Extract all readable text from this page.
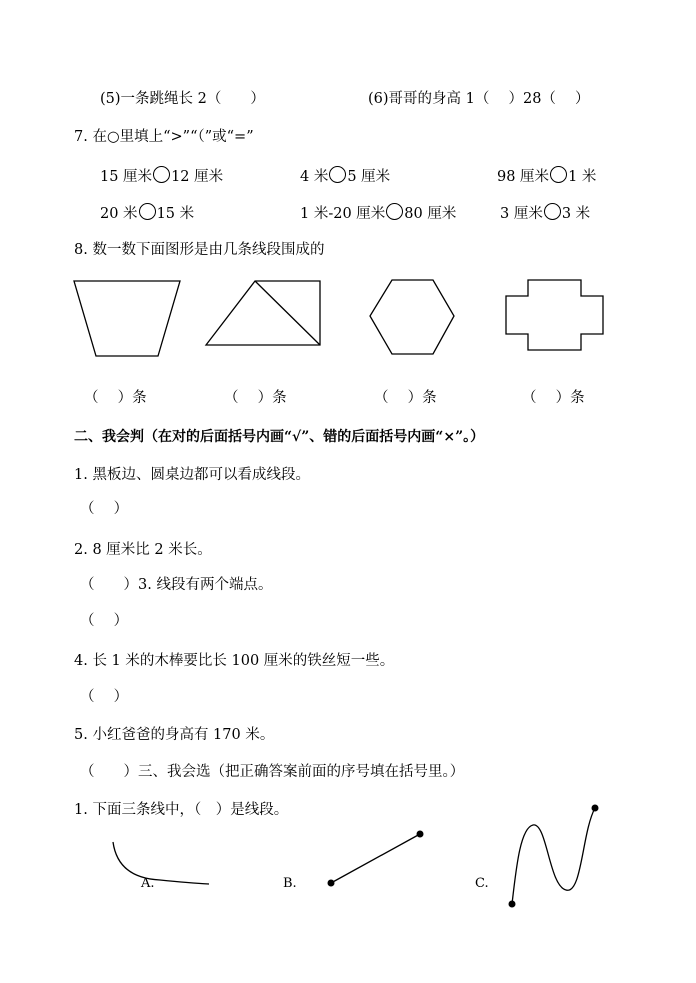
(5)一条跳绳长 2（　　）	(6)哥哥的身高 1（　 ）28（　 ）
7. 在○里填上“>”“（”或“=”
15 厘米 12 厘米	4 米 5 厘米	98 厘米 1 米
20 米 15 米	1 米-20 厘米 80 厘米	3 厘米 3 米
8. 数一数下面图形是由几条线段围成的
（　 ）条	（　 ）条	（　 ）条	（　 ）条
二、我会判（在对的后面括号内画“√”、错的后面括号内画“×”。）
1. 黑板边、圆桌边都可以看成线段。
（　 ）
2. 8 厘米比 2 米长。
（　　）3. 线段有两个端点。
（　 ）
4. 长 1 米的木棒要比长 100 厘米的铁丝短一些。
（　 ）
5. 小红爸爸的身高有 170 米。
（　　）三、我会选（把正确答案前面的序号填在括号里。）
1. 下面三条线中，（　）是线段。
A.	B.	C.
